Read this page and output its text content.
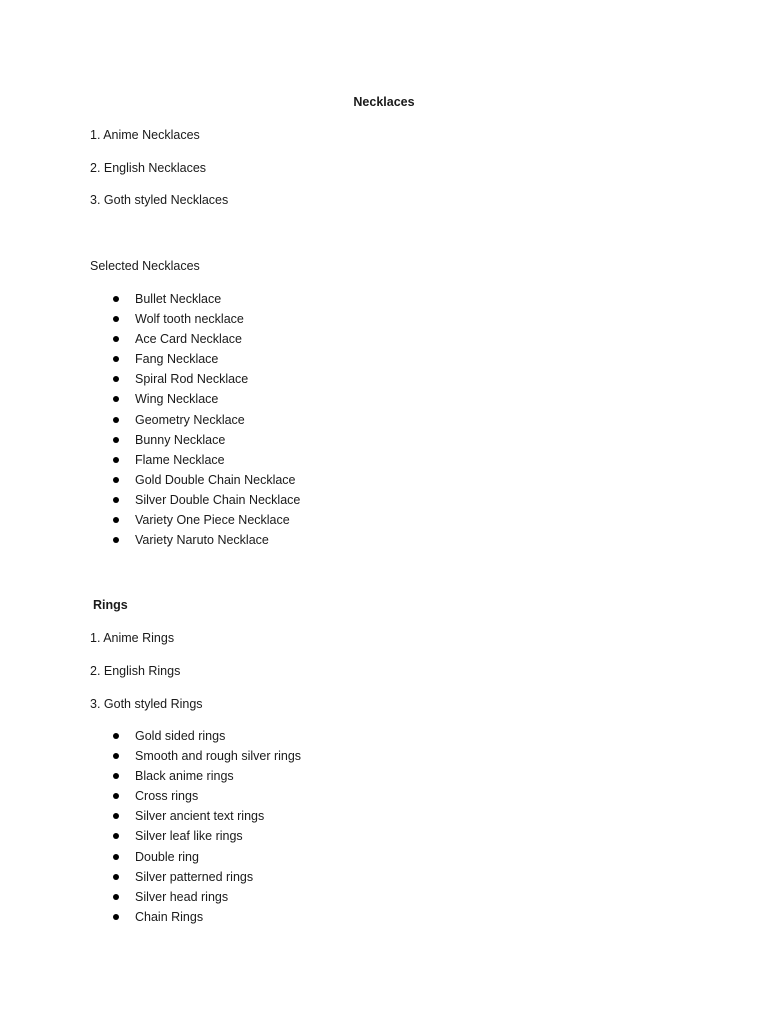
Necklaces
1. Anime Necklaces
2. English Necklaces
3. Goth styled Necklaces
Selected Necklaces
Bullet Necklace
Wolf tooth necklace
Ace Card Necklace
Fang Necklace
Spiral Rod Necklace
Wing Necklace
Geometry Necklace
Bunny Necklace
Flame Necklace
Gold Double Chain Necklace
Silver Double Chain Necklace
Variety One Piece Necklace
Variety Naruto Necklace
Rings
1. Anime Rings
2. English Rings
3. Goth styled Rings
Gold sided rings
Smooth and rough silver rings
Black anime rings
Cross rings
Silver ancient text rings
Silver leaf like rings
Double ring
Silver patterned rings
Silver head rings
Chain Rings
